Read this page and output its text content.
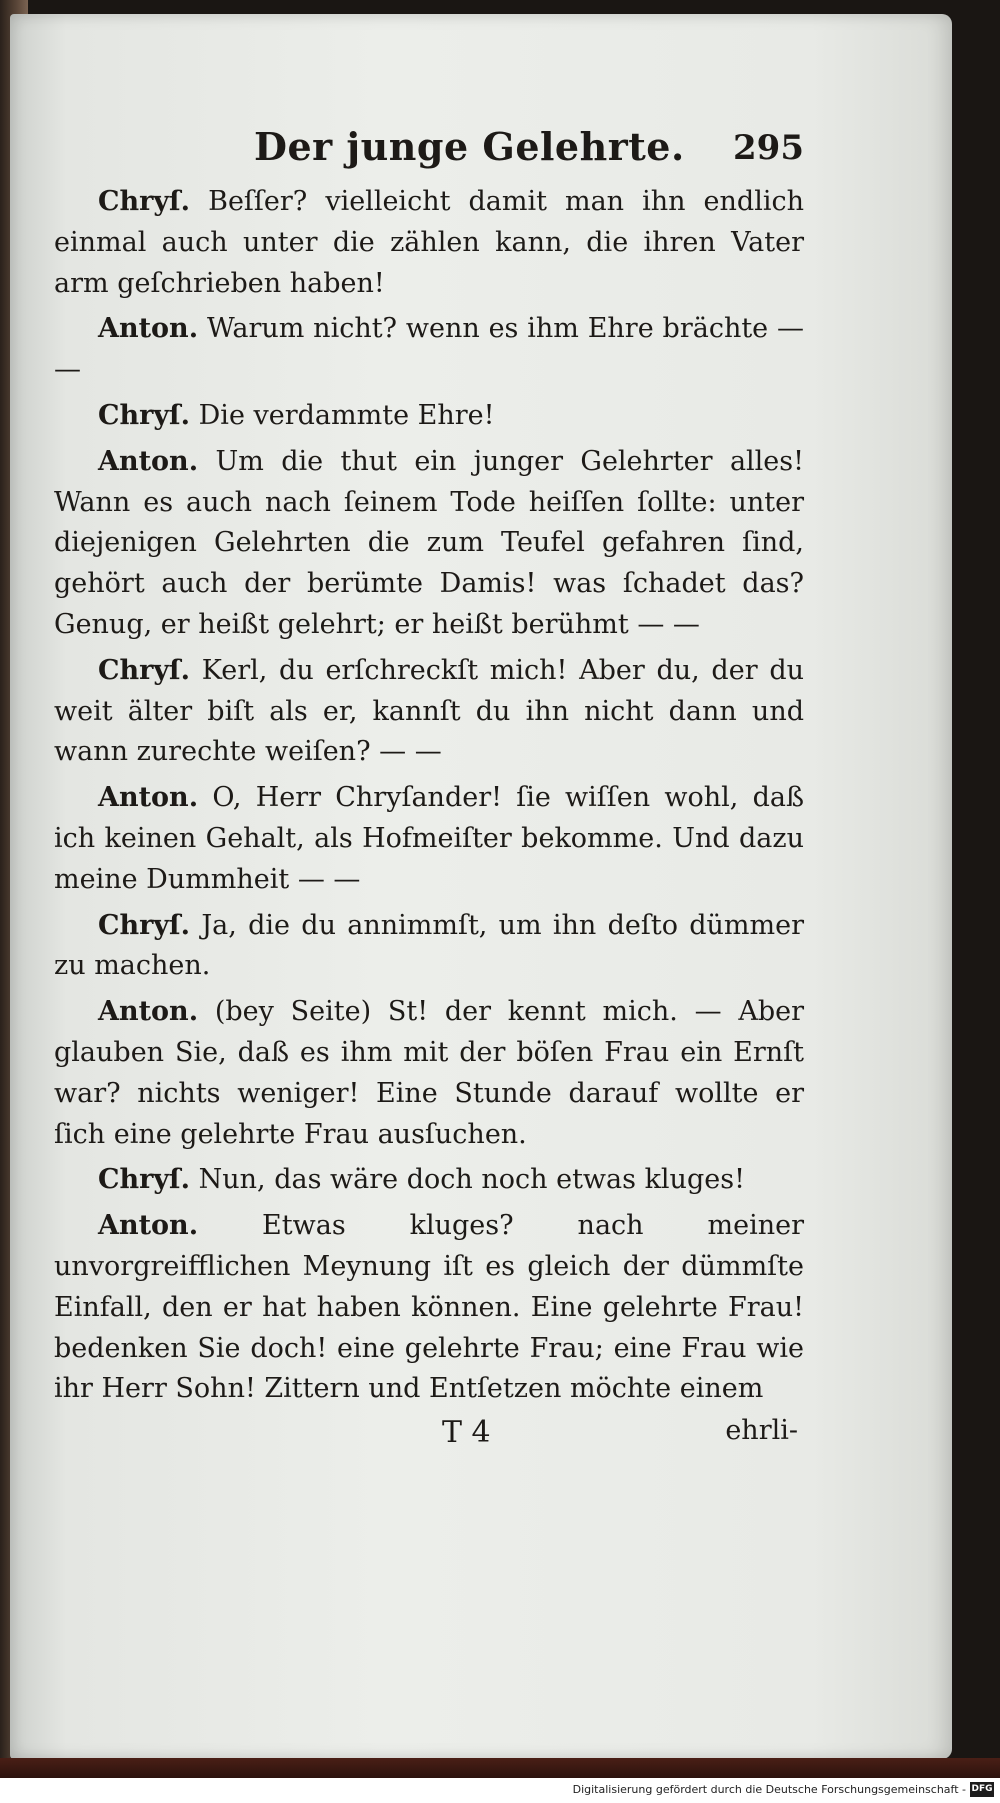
Der junge Gelehrte. 295

Chryſ. Beſſer? vielleicht damit man ihn endlich einmal auch unter die zählen kann, die ihren Vater arm geſchrieben haben!

Anton. Warum nicht? wenn es ihm Ehre brächte — —

Chryſ. Die verdammte Ehre!

Anton. Um die thut ein junger Gelehrter alles! Wann es auch nach ſeinem Tode heiſſen ſollte: unter diejenigen Gelehrten die zum Teufel gefahren ſind, gehört auch der berümte Damis! was ſchadet das? Genug, er heißt gelehrt; er heißt berühmt — —

Chryſ. Kerl, du erſchreckſt mich! Aber du, der du weit älter biſt als er, kannſt du ihn nicht dann und wann zurechte weiſen? — —

Anton. O, Herr Chryſander! ſie wiſſen wohl, daß ich keinen Gehalt, als Hofmeiſter bekomme. Und dazu meine Dummheit — —

Chryſ. Ja, die du annimmſt, um ihn deſto dümmer zu machen.

Anton. (bey Seite) St! der kennt mich. — Aber glauben Sie, daß es ihm mit der böſen Frau ein Ernſt war? nichts weniger! Eine Stunde darauf wollte er ſich eine gelehrte Frau ausſuchen.

Chryſ. Nun, das wäre doch noch etwas kluges!

Anton. Etwas kluges? nach meiner unvorgreifflichen Meynung iſt es gleich der dümmſte Einfall, den er hat haben können. Eine gelehrte Frau! bedenken Sie doch! eine gelehrte Frau; eine Frau wie ihr Herr Sohn! Zittern und Entſetzen möchte einem

T 4	ehrli-
Digitalisierung gefördert durch die Deutsche Forschungsgemeinschaft - DFG
